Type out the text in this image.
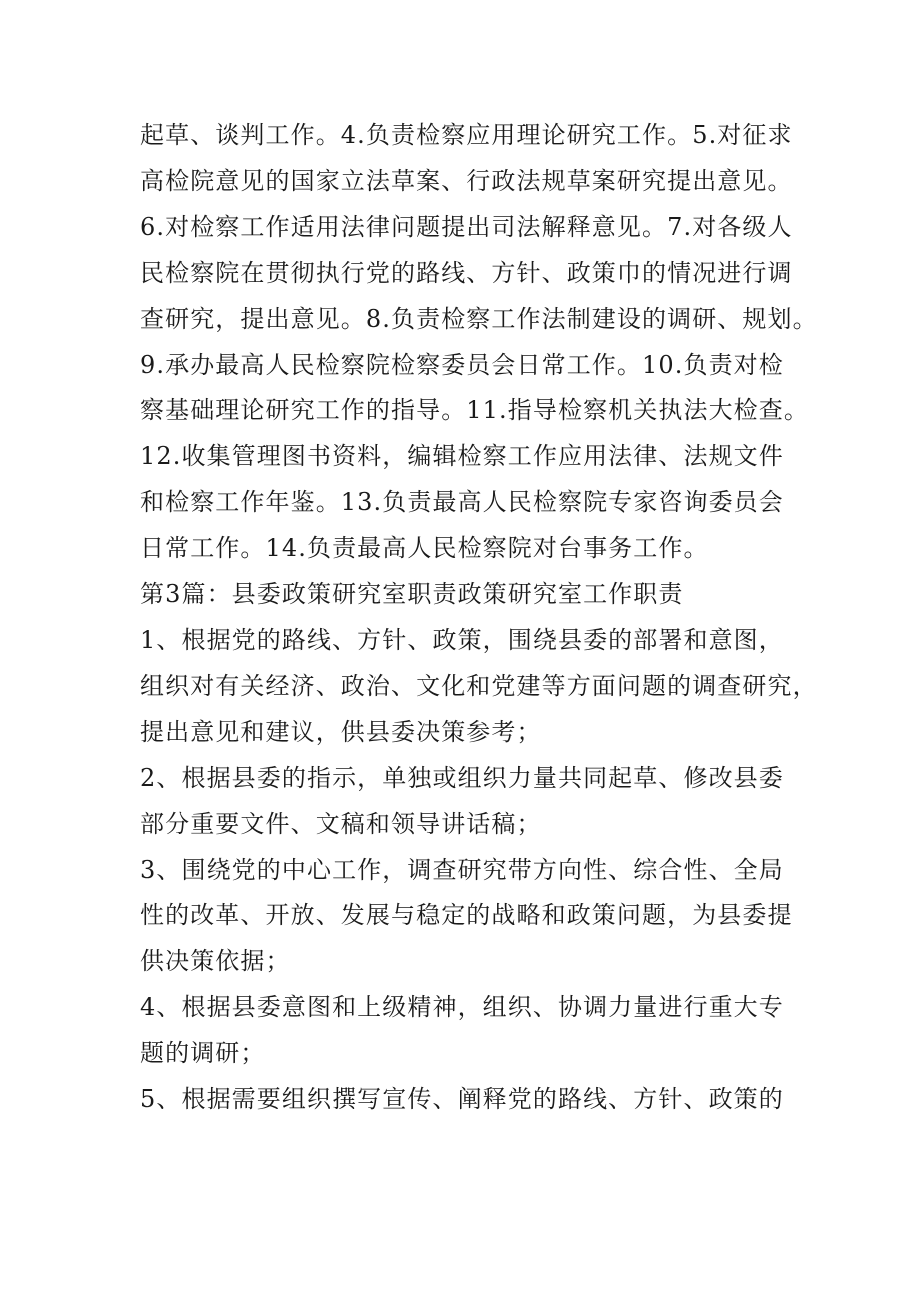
起草、谈判工作。4.负责检察应用理论研究工作。5.对征求
高检院意见的国家立法草案、行政法规草案研究提出意见。
6.对检察工作适用法律问题提出司法解释意见。7.对各级人
民检察院在贯彻执行党的路线、方针、政策巾的情况进行调
查研究，提出意见。8.负责检察工作法制建设的调研、规划。
9.承办最高人民检察院检察委员会日常工作。10.负责对检
察基础理论研究工作的指导。11.指导检察机关执法大检查。
12.收集管理图书资料，编辑检察工作应用法律、法规文件
和检察工作年鉴。13.负责最高人民检察院专家咨询委员会
日常工作。14.负责最高人民检察院对台事务工作。
第3篇：县委政策研究室职责政策研究室工作职责
1、根据党的路线、方针、政策，围绕县委的部署和意图，
组织对有关经济、政治、文化和党建等方面问题的调查研究，
提出意见和建议，供县委决策参考；
2、根据县委的指示，单独或组织力量共同起草、修改县委
部分重要文件、文稿和领导讲话稿；
3、围绕党的中心工作，调查研究带方向性、综合性、全局
性的改革、开放、发展与稳定的战略和政策问题，为县委提
供决策依据；
4、根据县委意图和上级精神，组织、协调力量进行重大专
题的调研；
5、根据需要组织撰写宣传、阐释党的路线、方针、政策的
